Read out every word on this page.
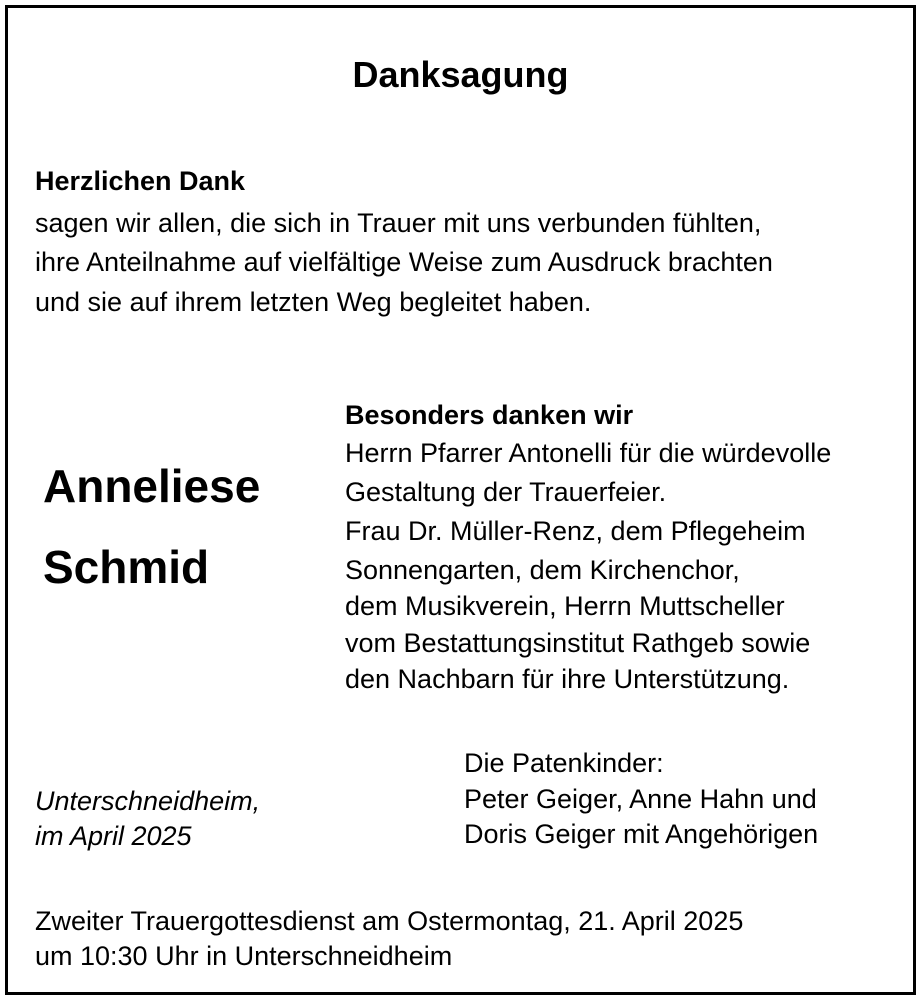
Danksagung
Herzlichen Dank
sagen wir allen, die sich in Trauer mit uns verbunden fühlten,
ihre Anteilnahme auf vielfältige Weise zum Ausdruck brachten
und sie auf ihrem letzten Weg begleitet haben.
Anneliese
Schmid
Besonders danken wir
Herrn Pfarrer Antonelli für die würdevolle
Gestaltung der Trauerfeier.
Frau Dr. Müller-Renz, dem Pflegeheim
Sonnengarten, dem Kirchenchor,
dem Musikverein, Herrn Muttscheller
vom Bestattungsinstitut Rathgeb sowie
den Nachbarn für ihre Unterstützung.
Unterschneidheim,
im April 2025
Die Patenkinder:
Peter Geiger, Anne Hahn und
Doris Geiger mit Angehörigen
Zweiter Trauergottesdienst am Ostermontag, 21. April 2025
um 10:30 Uhr in Unterschneidheim
